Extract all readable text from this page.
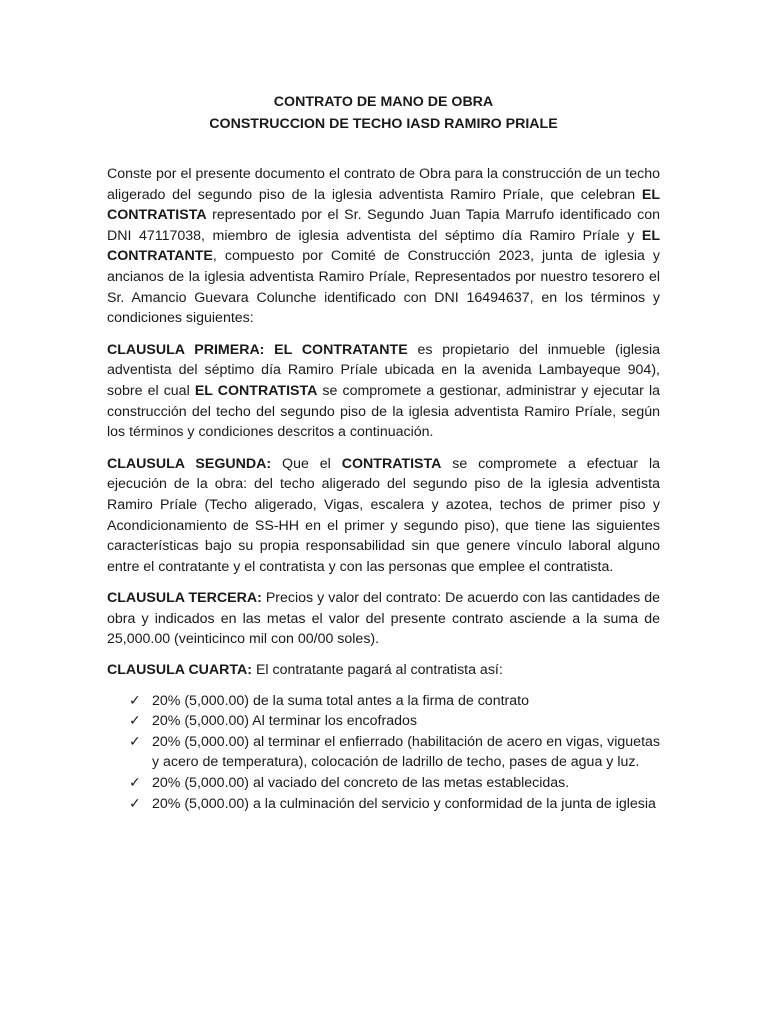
CONTRATO DE MANO DE OBRA

CONSTRUCCION DE TECHO IASD RAMIRO PRIALE

Conste por el presente documento el contrato de Obra para la construcción de un techo aligerado del segundo piso de la iglesia adventista Ramiro Príale, que celebran EL CONTRATISTA representado por el Sr. Segundo Juan Tapia Marrufo identificado con DNI 47117038, miembro de iglesia adventista del séptimo día Ramiro Príale y EL CONTRATANTE, compuesto por Comité de Construcción 2023, junta de iglesia y ancianos de la iglesia adventista Ramiro Príale, Representados por nuestro tesorero el Sr. Amancio Guevara Colunche identificado con DNI 16494637, en los términos y condiciones siguientes:

CLAUSULA PRIMERA: EL CONTRATANTE es propietario del inmueble (iglesia adventista del séptimo día Ramiro Príale ubicada en la avenida Lambayeque 904), sobre el cual EL CONTRATISTA se compromete a gestionar, administrar y ejecutar la construcción del techo del segundo piso de la iglesia adventista Ramiro Príale, según los términos y condiciones descritos a continuación.

CLAUSULA SEGUNDA: Que el CONTRATISTA se compromete a efectuar la ejecución de la obra: del techo aligerado del segundo piso de la iglesia adventista Ramiro Príale (Techo aligerado, Vigas, escalera y azotea, techos de primer piso y Acondicionamiento de SS-HH en el primer y segundo piso), que tiene las siguientes características bajo su propia responsabilidad sin que genere vínculo laboral alguno entre el contratante y el contratista y con las personas que emplee el contratista.

CLAUSULA TERCERA: Precios y valor del contrato: De acuerdo con las cantidades de obra y indicados en las metas el valor del presente contrato asciende a la suma de 25,000.00 (veinticinco mil con 00/00 soles).

CLAUSULA CUARTA: El contratante pagará al contratista así:

✓ 20% (5,000.00) de la suma total antes a la firma de contrato
✓ 20% (5,000.00) Al terminar los encofrados
✓ 20% (5,000.00) al terminar el enfierrado (habilitación de acero en vigas, viguetas y acero de temperatura), colocación de ladrillo de techo, pases de agua y luz.
✓ 20% (5,000.00) al vaciado del concreto de las metas establecidas.
✓ 20% (5,000.00) a la culminación del servicio y conformidad de la junta de iglesia
